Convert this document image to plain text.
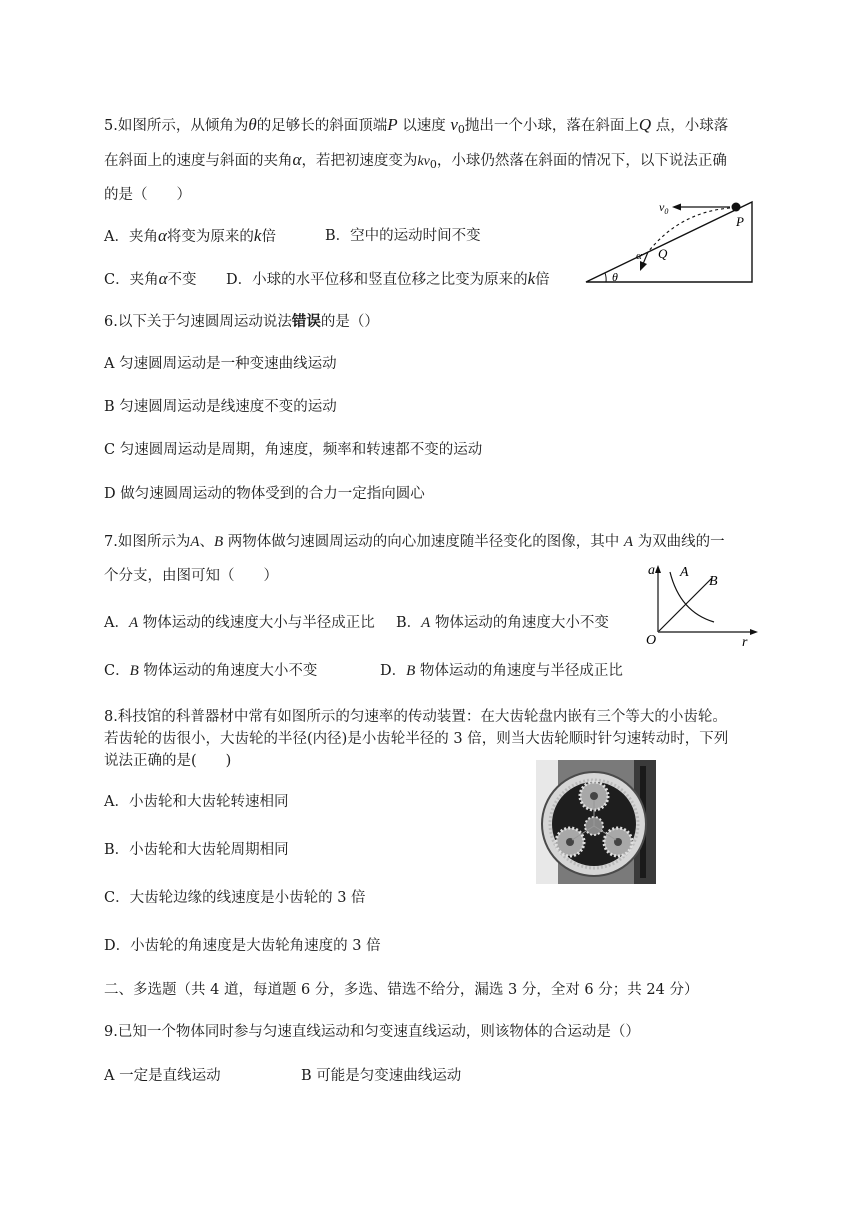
5.如图所示，从倾角为θ的足够长的斜面顶端P 以速度 $v_0$抛出一个小球，落在斜面上Q 点，小球落
在斜面上的速度与斜面的夹角α，若把初速度变为$kv_0$，小球仍然落在斜面的情况下，以下说法正确
的是（　　）
A．夹角α将变为原来的k倍	B．空中的运动时间不变
C．夹角α不变 D．小球的水平位移和竖直位移之比变为原来的k倍
$v_0$
P
Q
α
θ
6.以下关于匀速圆周运动说法错误的是（）
A 匀速圆周运动是一种变速曲线运动
B 匀速圆周运动是线速度不变的运动
C 匀速圆周运动是周期，角速度，频率和转速都不变的运动
D 做匀速圆周运动的物体受到的合力一定指向圆心
7.如图所示为A、B 两物体做匀速圆周运动的向心加速度随半径变化的图像，其中 A 为双曲线的一
个分支，由图可知（　　）
A．A 物体运动的线速度大小与半径成正比 B．A 物体运动的角速度大小不变
C．B 物体运动的角速度大小不变	D．B 物体运动的角速度与半径成正比
a
r
O
A
B
8.科技馆的科普器材中常有如图所示的匀速率的传动装置：在大齿轮盘内嵌有三个等大的小齿轮。
若齿轮的齿很小，大齿轮的半径(内径)是小齿轮半径的 3 倍，则当大齿轮顺时针匀速转动时，下列
说法正确的是(　　)
A．小齿轮和大齿轮转速相同
B．小齿轮和大齿轮周期相同
C．大齿轮边缘的线速度是小齿轮的 3 倍
D．小齿轮的角速度是大齿轮角速度的 3 倍
二、多选题（共 4 道，每道题 6 分，多选、错选不给分，漏选 3 分，全对 6 分；共 24 分）
9.已知一个物体同时参与匀速直线运动和匀变速直线运动，则该物体的合运动是（）
A 一定是直线运动	B 可能是匀变速曲线运动
